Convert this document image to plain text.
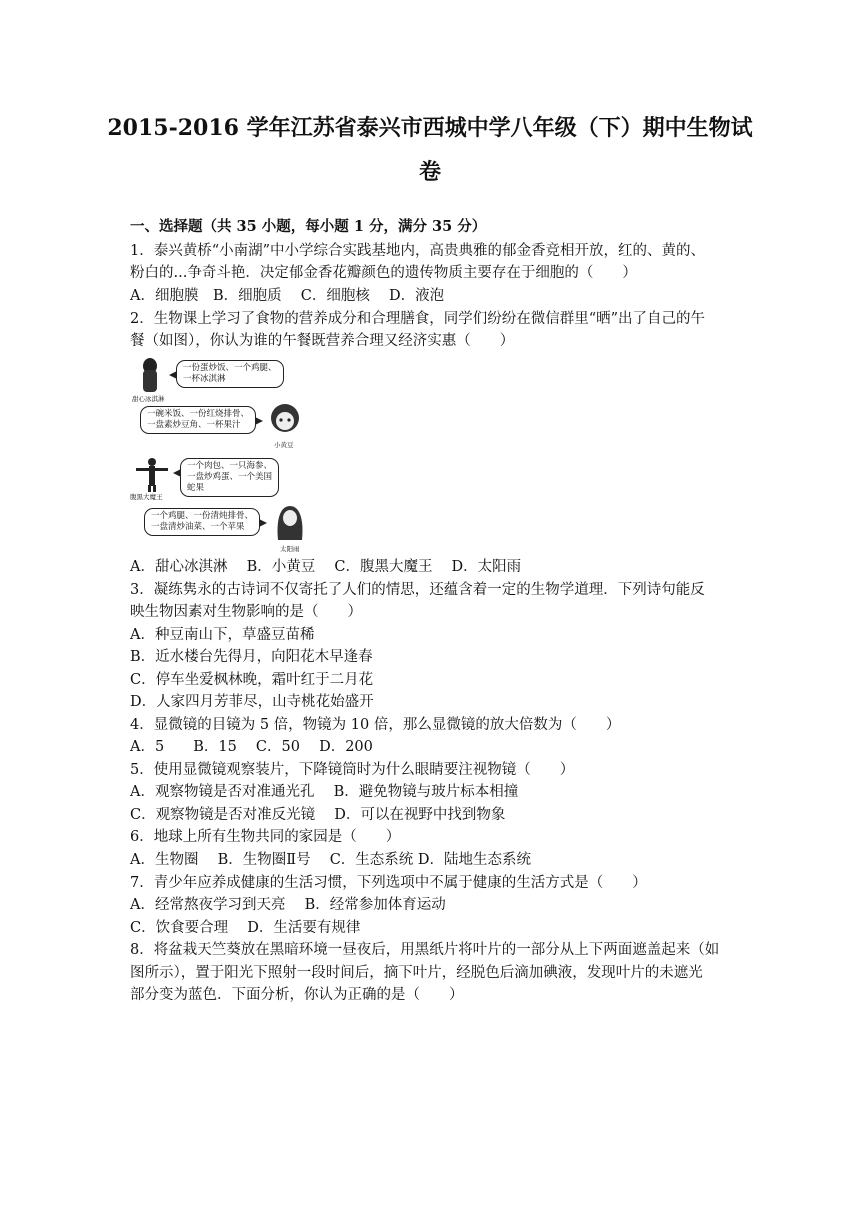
2015-2016 学年江苏省泰兴市西城中学八年级（下）期中生物试
卷
一、选择题（共 35 小题，每小题 1 分，满分 35 分）
1．泰兴黄桥“小南湖”中小学综合实践基地内，高贵典雅的郁金香竞相开放，红的、黄的、
粉白的...争奇斗艳．决定郁金香花瓣颜色的遗传物质主要存在于细胞的（　　）
A．细胞膜　B．细胞质　 C．细胞核　 D．液泡
2．生物课上学习了食物的营养成分和合理膳食，同学们纷纷在微信群里“晒”出了自己的午
餐（如图），你认为谁的午餐既营养合理又经济实惠（　　）
甜心冰淇淋
一份蛋炒饭、一个鸡腿、
一杯冰淇淋
一碗米饭、一份红烧排骨、
一盘素炒豆角、一杯果汁
小黄豆
腹黑大魔王
一个肉包、一只海参、
一盘炒鸡蛋、一个美国
蛇果
一个鸡腿、一份清炖排骨、
一盘清炒油菜、一个苹果
太阳雨
A．甜心冰淇淋　 B．小黄豆　 C．腹黑大魔王　 D．太阳雨
3．凝练隽永的古诗词不仅寄托了人们的情思，还蕴含着一定的生物学道理．下列诗句能反
映生物因素对生物影响的是（　　）
A．种豆南山下，草盛豆苗稀
B．近水楼台先得月，向阳花木早逢春
C．停车坐爱枫林晚，霜叶红于二月花
D．人家四月芳菲尽，山寺桃花始盛开
4．显微镜的目镜为 5 倍，物镜为 10 倍，那么显微镜的放大倍数为（　　）
A．5　　B．15　 C．50　 D．200
5．使用显微镜观察装片，下降镜筒时为什么眼睛要注视物镜（　　）
A．观察物镜是否对准通光孔　 B．避免物镜与玻片标本相撞
C．观察物镜是否对准反光镜　 D．可以在视野中找到物象
6．地球上所有生物共同的家园是（　　）
A．生物圈　 B．生物圈Ⅱ号　 C．生态系统 D．陆地生态系统
7．青少年应养成健康的生活习惯，下列选项中不属于健康的生活方式是（　　）
A．经常熬夜学习到天亮　 B．经常参加体育运动
C．饮食要合理　 D．生活要有规律
8．将盆栽天竺葵放在黑暗环境一昼夜后，用黑纸片将叶片的一部分从上下两面遮盖起来（如
图所示），置于阳光下照射一段时间后，摘下叶片，经脱色后滴加碘液，发现叶片的未遮光
部分变为蓝色．下面分析，你认为正确的是（　　）
